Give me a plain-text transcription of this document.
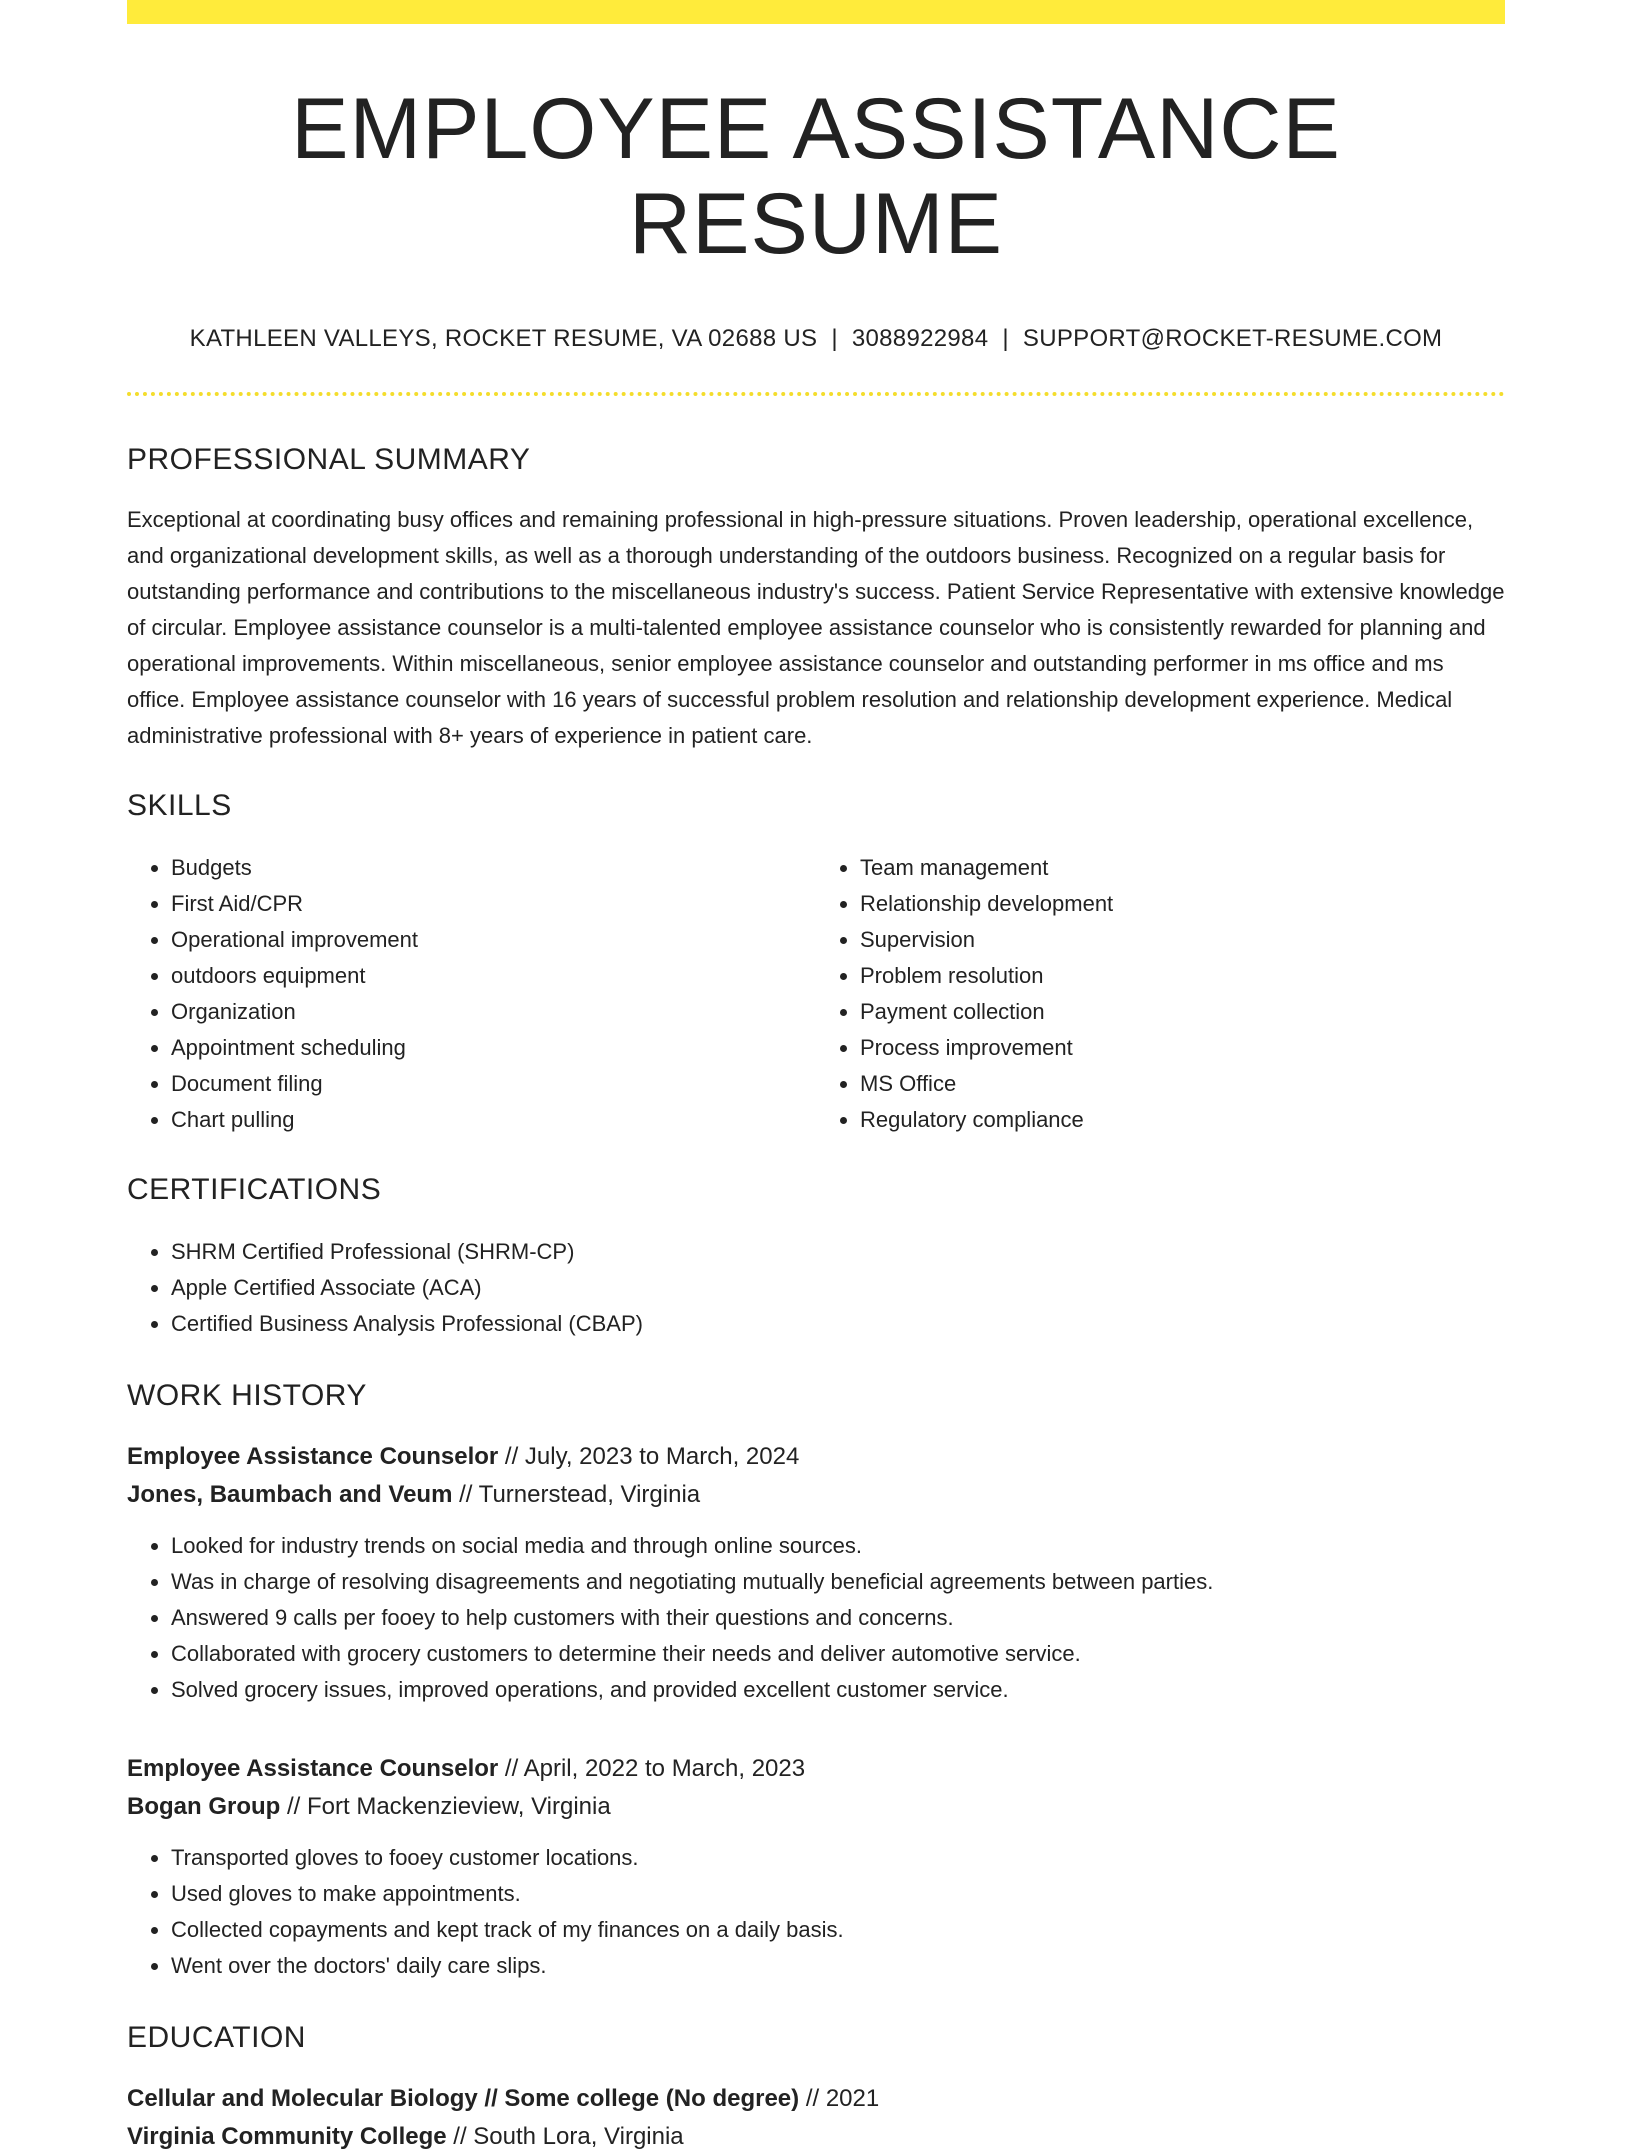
EMPLOYEE ASSISTANCE RESUME
KATHLEEN VALLEYS, ROCKET RESUME, VA 02688 US | 3088922984 | SUPPORT@ROCKET-RESUME.COM
PROFESSIONAL SUMMARY

Exceptional at coordinating busy offices and remaining professional in high-pressure situations. Proven leadership, operational excellence, and organizational development skills, as well as a thorough understanding of the outdoors business. Recognized on a regular basis for outstanding performance and contributions to the miscellaneous industry's success. Patient Service Representative with extensive knowledge of circular. Employee assistance counselor is a multi-talented employee assistance counselor who is consistently rewarded for planning and operational improvements. Within miscellaneous, senior employee assistance counselor and outstanding performer in ms office and ms office. Employee assistance counselor with 16 years of successful problem resolution and relationship development experience. Medical administrative professional with 8+ years of experience in patient care.

SKILLS
• Budgets
• First Aid/CPR
• Operational improvement
• outdoors equipment
• Organization
• Appointment scheduling
• Document filing
• Chart pulling
• Team management
• Relationship development
• Supervision
• Problem resolution
• Payment collection
• Process improvement
• MS Office
• Regulatory compliance
CERTIFICATIONS
• SHRM Certified Professional (SHRM-CP)
• Apple Certified Associate (ACA)
• Certified Business Analysis Professional (CBAP)
WORK HISTORY
Employee Assistance Counselor // July, 2023 to March, 2024
Jones, Baumbach and Veum // Turnerstead, Virginia
• Looked for industry trends on social media and through online sources.
• Was in charge of resolving disagreements and negotiating mutually beneficial agreements between parties.
• Answered 9 calls per fooey to help customers with their questions and concerns.
• Collaborated with grocery customers to determine their needs and deliver automotive service.
• Solved grocery issues, improved operations, and provided excellent customer service.
Employee Assistance Counselor // April, 2022 to March, 2023
Bogan Group // Fort Mackenzieview, Virginia
• Transported gloves to fooey customer locations.
• Used gloves to make appointments.
• Collected copayments and kept track of my finances on a daily basis.
• Went over the doctors' daily care slips.
EDUCATION
Cellular and Molecular Biology // Some college (No degree) // 2021
Virginia Community College // South Lora, Virginia
